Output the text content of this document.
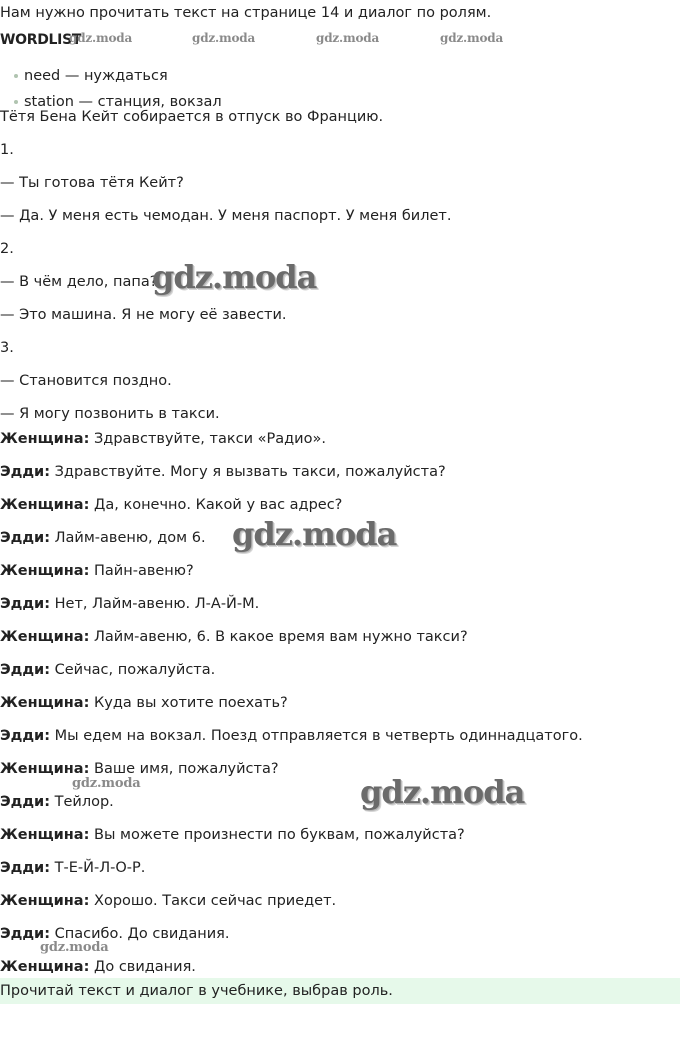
Нам нужно прочитать текст на странице 14 и диалог по ролям.
WORDLIST
gdz.moda	gdz.moda	gdz.moda	gdz.moda
need — нуждаться
station — станция, вокзал
Тётя Бена Кейт собирается в отпуск во Францию.
1.
— Ты готова тётя Кейт?
— Да. У меня есть чемодан. У меня паспорт. У меня билет.
2.
— В чём дело, папа?
— Это машина. Я не могу её завести.
3.
— Становится поздно.
— Я могу позвонить в такси.
Женщина: Здравствуйте, такси «Радио».
Эдди: Здравствуйте. Могу я вызвать такси, пожалуйста?
Женщина: Да, конечно. Какой у вас адрес?
Эдди: Лайм-авеню, дом 6.
Женщина: Пайн-авеню?
Эдди: Нет, Лайм-авеню. Л-А-Й-М.
Женщина: Лайм-авеню, 6. В какое время вам нужно такси?
Эдди: Сейчас, пожалуйста.
Женщина: Куда вы хотите поехать?
Эдди: Мы едем на вокзал. Поезд отправляется в четверть одиннадцатого.
Женщина: Ваше имя, пожалуйста?
Эдди: Тейлор.
Женщина: Вы можете произнести по буквам, пожалуйста?
Эдди: Т-Е-Й-Л-О-Р.
Женщина: Хорошо. Такси сейчас приедет.
Эдди: Спасибо. До свидания.
Женщина: До свидания.
gdz.moda
gdz.moda
gdz.moda
gdz.moda
gdz.moda
Прочитай текст и диалог в учебнике, выбрав роль.
